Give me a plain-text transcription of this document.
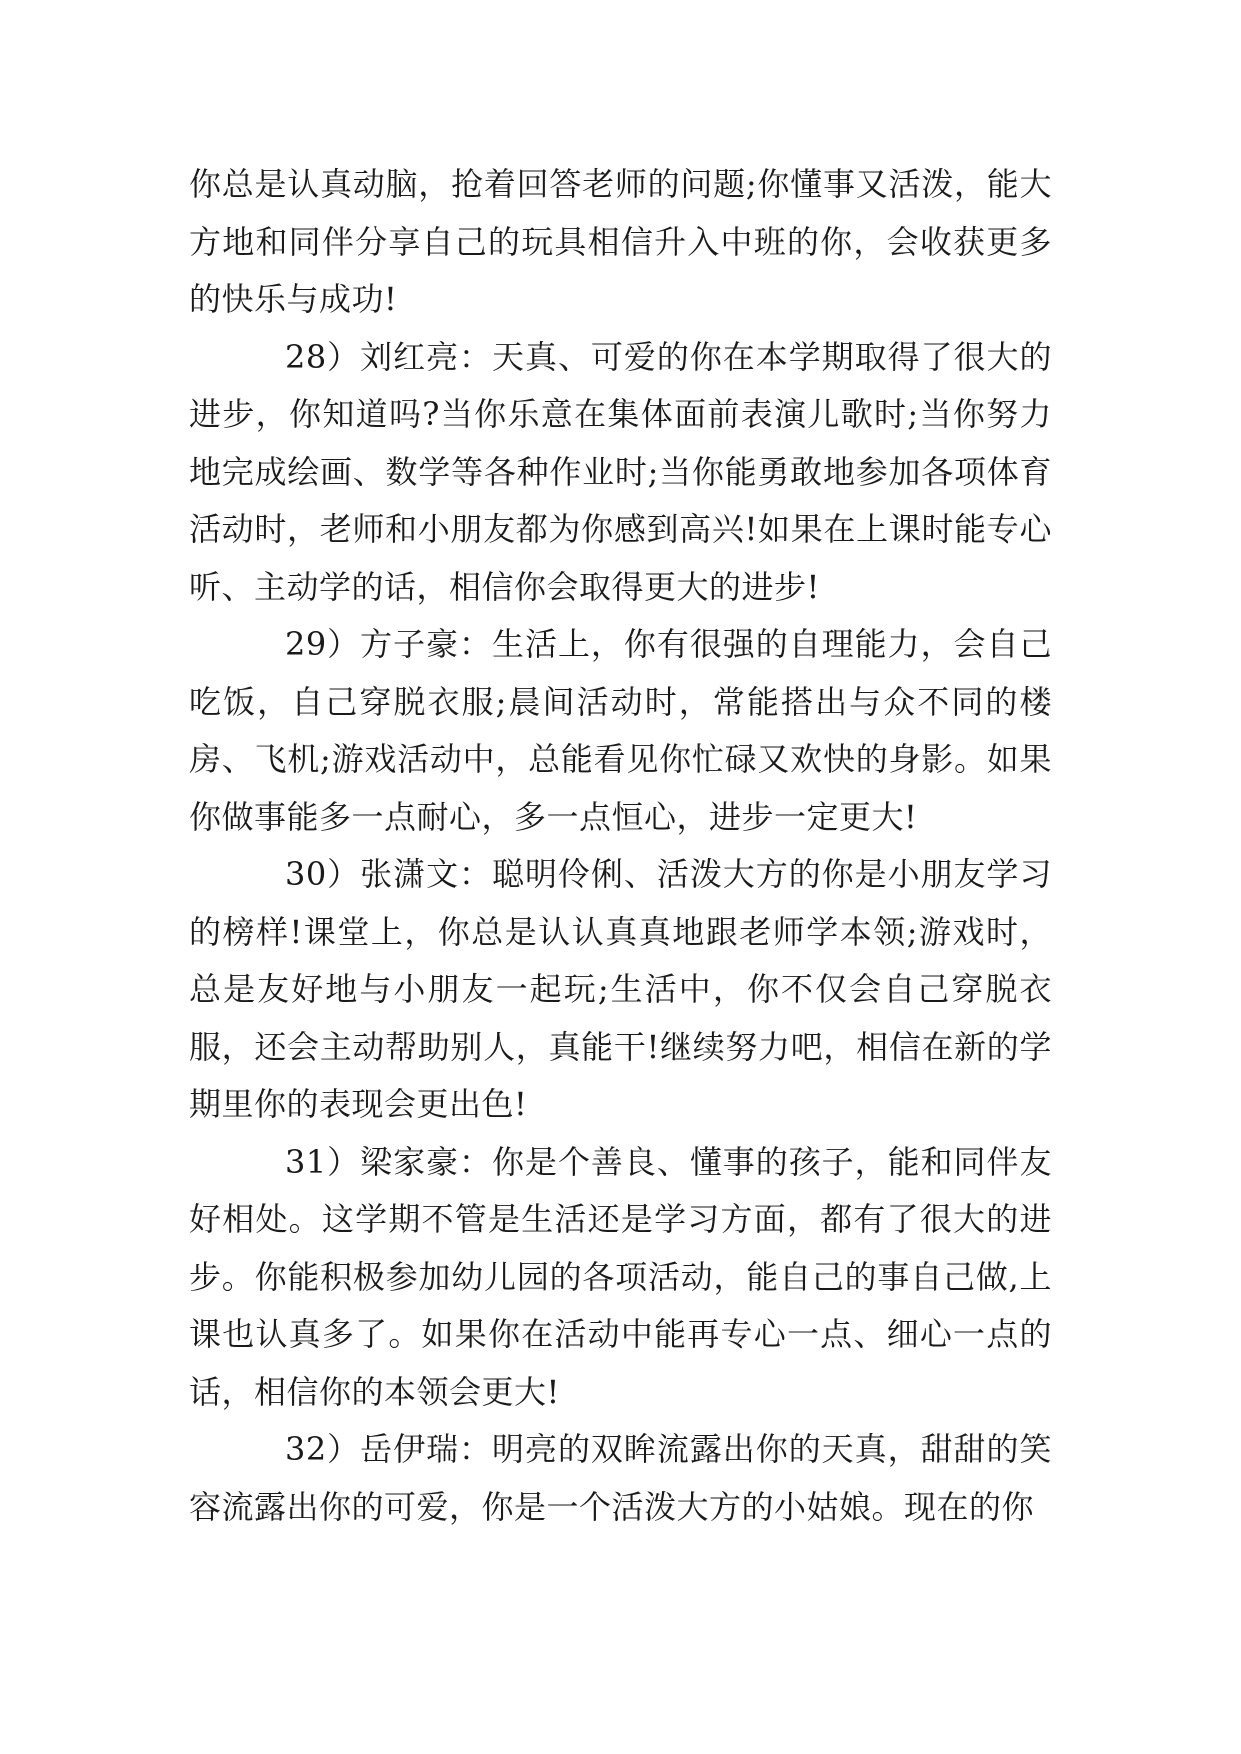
你总是认真动脑，抢着回答老师的问题;你懂事又活泼，能大方地和同伴分享自己的玩具相信升入中班的你，会收获更多的快乐与成功!

28）刘红亮：天真、可爱的你在本学期取得了很大的进步，你知道吗?当你乐意在集体面前表演儿歌时;当你努力地完成绘画、数学等各种作业时;当你能勇敢地参加各项体育活动时，老师和小朋友都为你感到高兴!如果在上课时能专心听、主动学的话，相信你会取得更大的进步!

29）方子豪：生活上，你有很强的自理能力，会自己吃饭，自己穿脱衣服;晨间活动时，常能搭出与众不同的楼房、飞机;游戏活动中，总能看见你忙碌又欢快的身影。如果你做事能多一点耐心，多一点恒心，进步一定更大!

30）张潇文：聪明伶俐、活泼大方的你是小朋友学习的榜样!课堂上，你总是认认真真地跟老师学本领;游戏时，总是友好地与小朋友一起玩;生活中，你不仅会自己穿脱衣服，还会主动帮助别人，真能干!继续努力吧，相信在新的学期里你的表现会更出色!

31）梁家豪：你是个善良、懂事的孩子，能和同伴友好相处。这学期不管是生活还是学习方面，都有了很大的进步。你能积极参加幼儿园的各项活动，能自己的事自己做,上课也认真多了。如果你在活动中能再专心一点、细心一点的话，相信你的本领会更大!

32）岳伊瑞：明亮的双眸流露出你的天真，甜甜的笑容流露出你的可爱，你是一个活泼大方的小姑娘。现在的你
